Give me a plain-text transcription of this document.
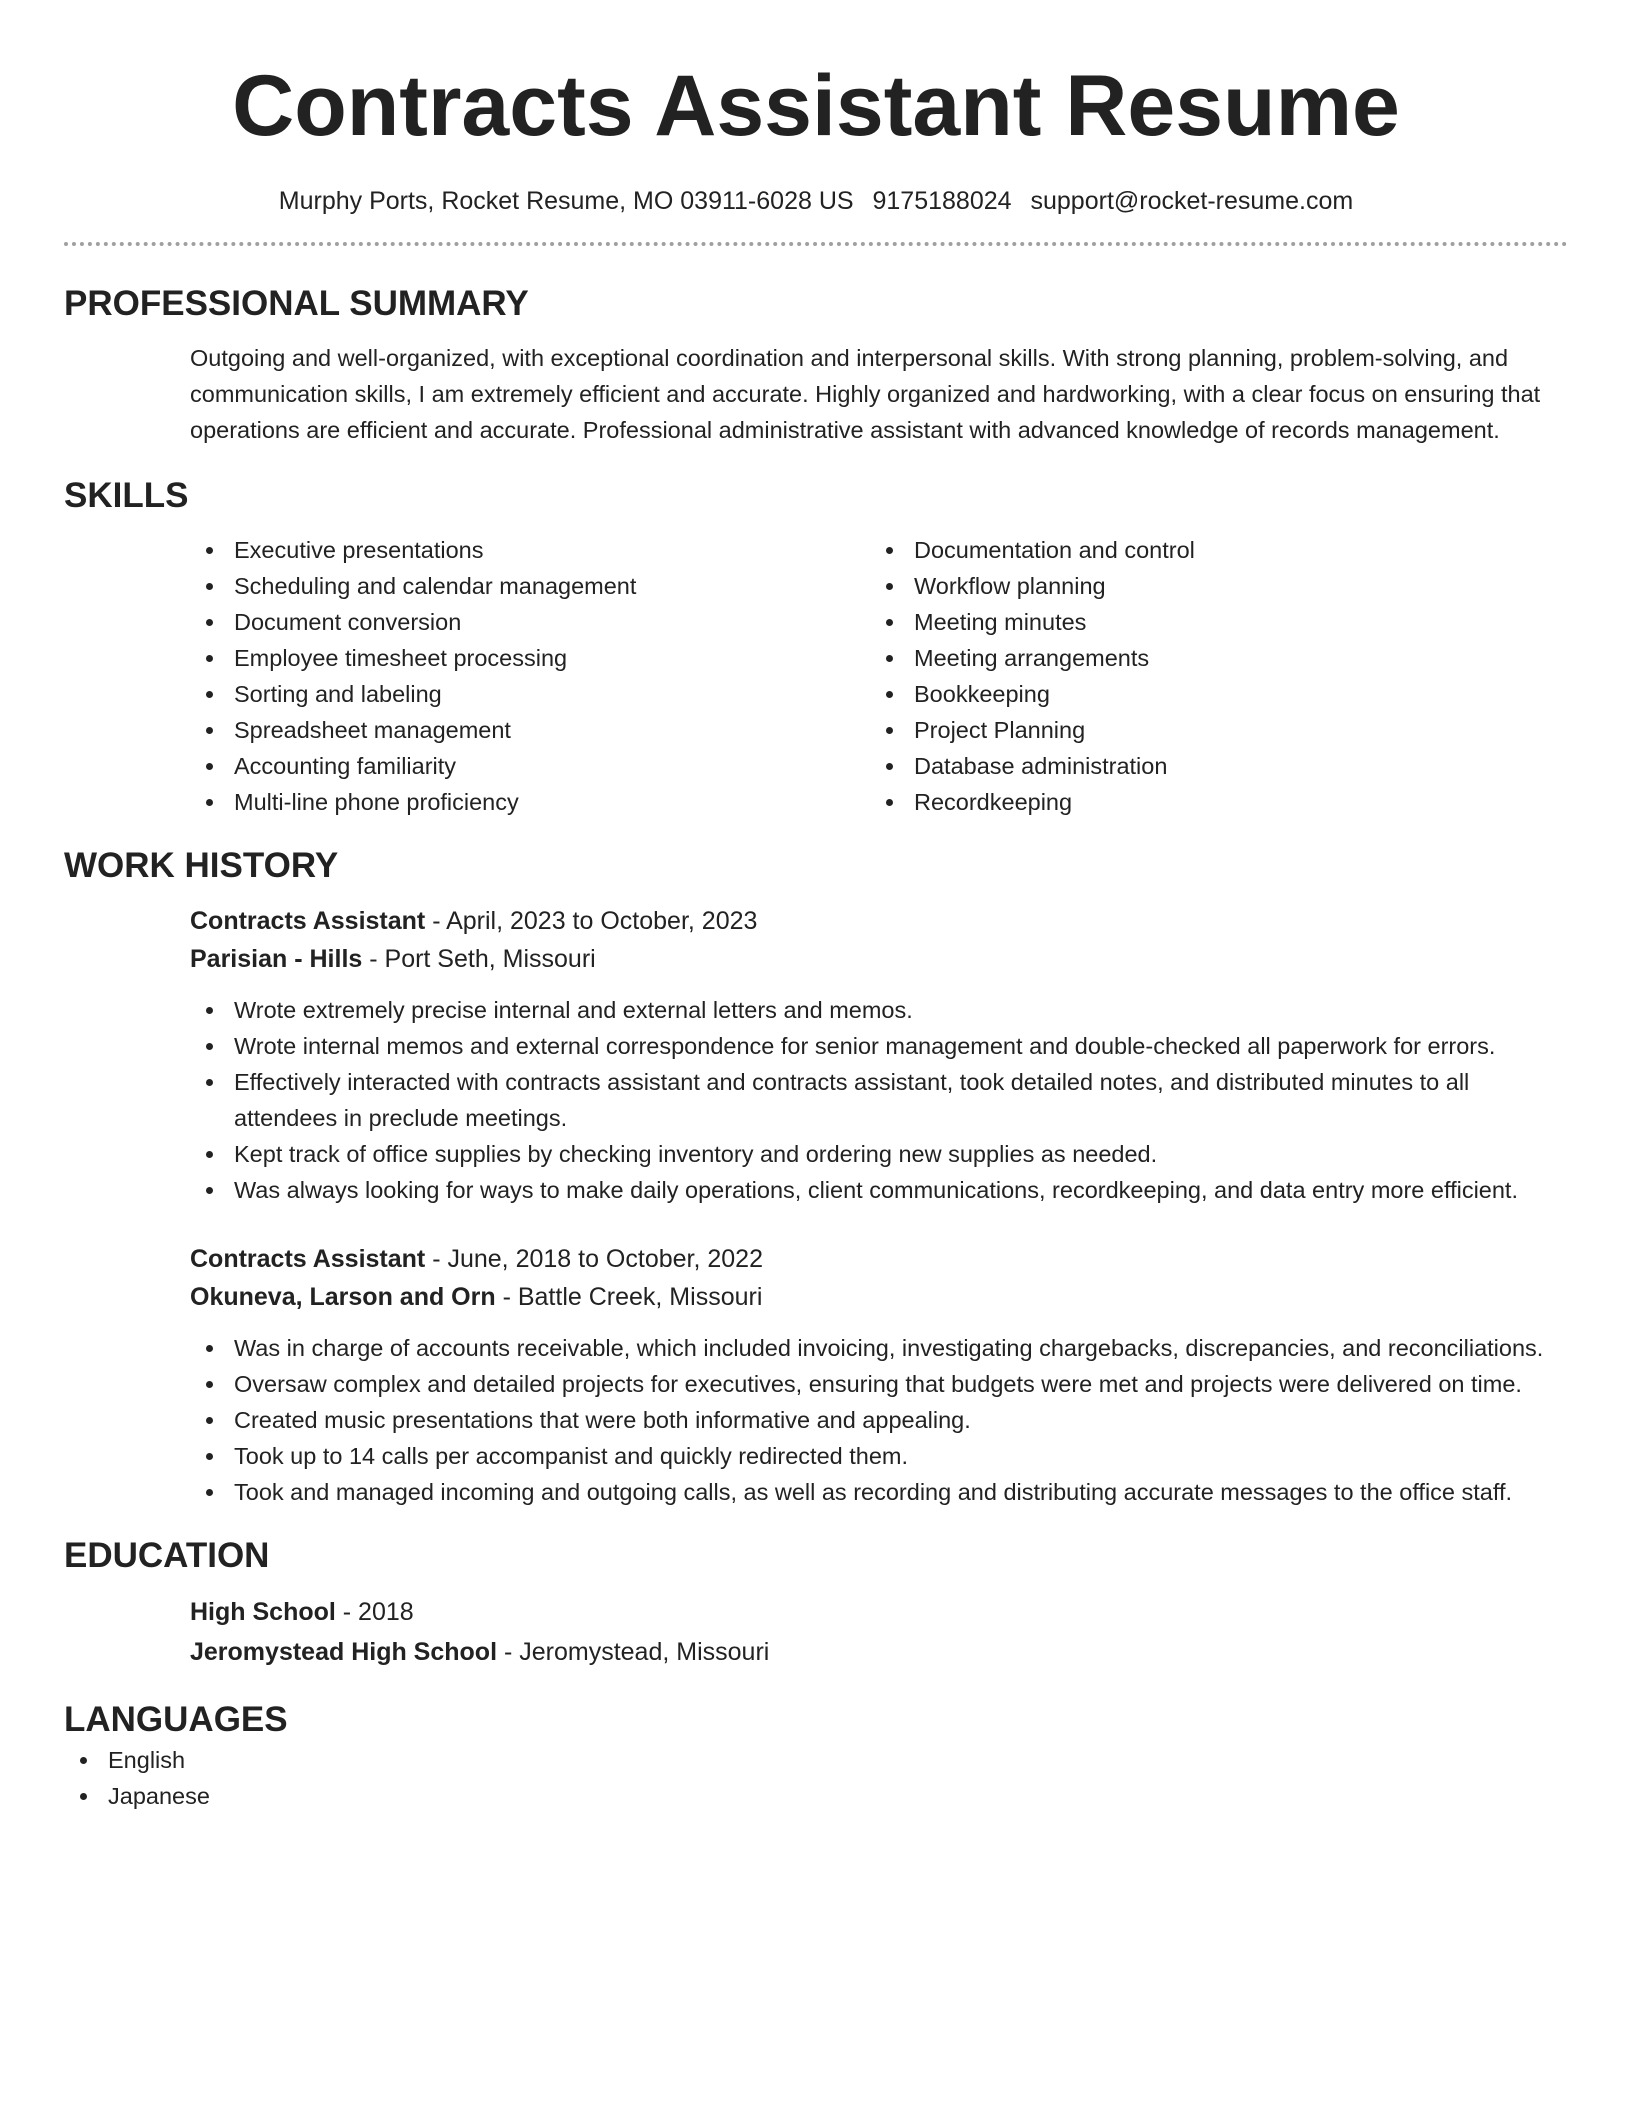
Contracts Assistant Resume
Murphy Ports, Rocket Resume, MO 03911-6028 US 9175188024 support@rocket-resume.com
PROFESSIONAL SUMMARY

Outgoing and well-organized, with exceptional coordination and interpersonal skills. With strong planning, problem-solving, and communication skills, I am extremely efficient and accurate. Highly organized and hardworking, with a clear focus on ensuring that operations are efficient and accurate. Professional administrative assistant with advanced knowledge of records management.

SKILLS
Executive presentations
Scheduling and calendar management
Document conversion
Employee timesheet processing
Sorting and labeling
Spreadsheet management
Accounting familiarity
Multi-line phone proficiency
Documentation and control
Workflow planning
Meeting minutes
Meeting arrangements
Bookkeeping
Project Planning
Database administration
Recordkeeping
WORK HISTORY
Contracts Assistant - April, 2023 to October, 2023
Parisian - Hills - Port Seth, Missouri
Wrote extremely precise internal and external letters and memos.
Wrote internal memos and external correspondence for senior management and double-checked all paperwork for errors.
Effectively interacted with contracts assistant and contracts assistant, took detailed notes, and distributed minutes to all attendees in preclude meetings.
Kept track of office supplies by checking inventory and ordering new supplies as needed.
Was always looking for ways to make daily operations, client communications, recordkeeping, and data entry more efficient.
Contracts Assistant - June, 2018 to October, 2022
Okuneva, Larson and Orn - Battle Creek, Missouri
Was in charge of accounts receivable, which included invoicing, investigating chargebacks, discrepancies, and reconciliations.
Oversaw complex and detailed projects for executives, ensuring that budgets were met and projects were delivered on time.
Created music presentations that were both informative and appealing.
Took up to 14 calls per accompanist and quickly redirected them.
Took and managed incoming and outgoing calls, as well as recording and distributing accurate messages to the office staff.
EDUCATION
High School - 2018
Jeromystead High School - Jeromystead, Missouri
LANGUAGES
English
Japanese
